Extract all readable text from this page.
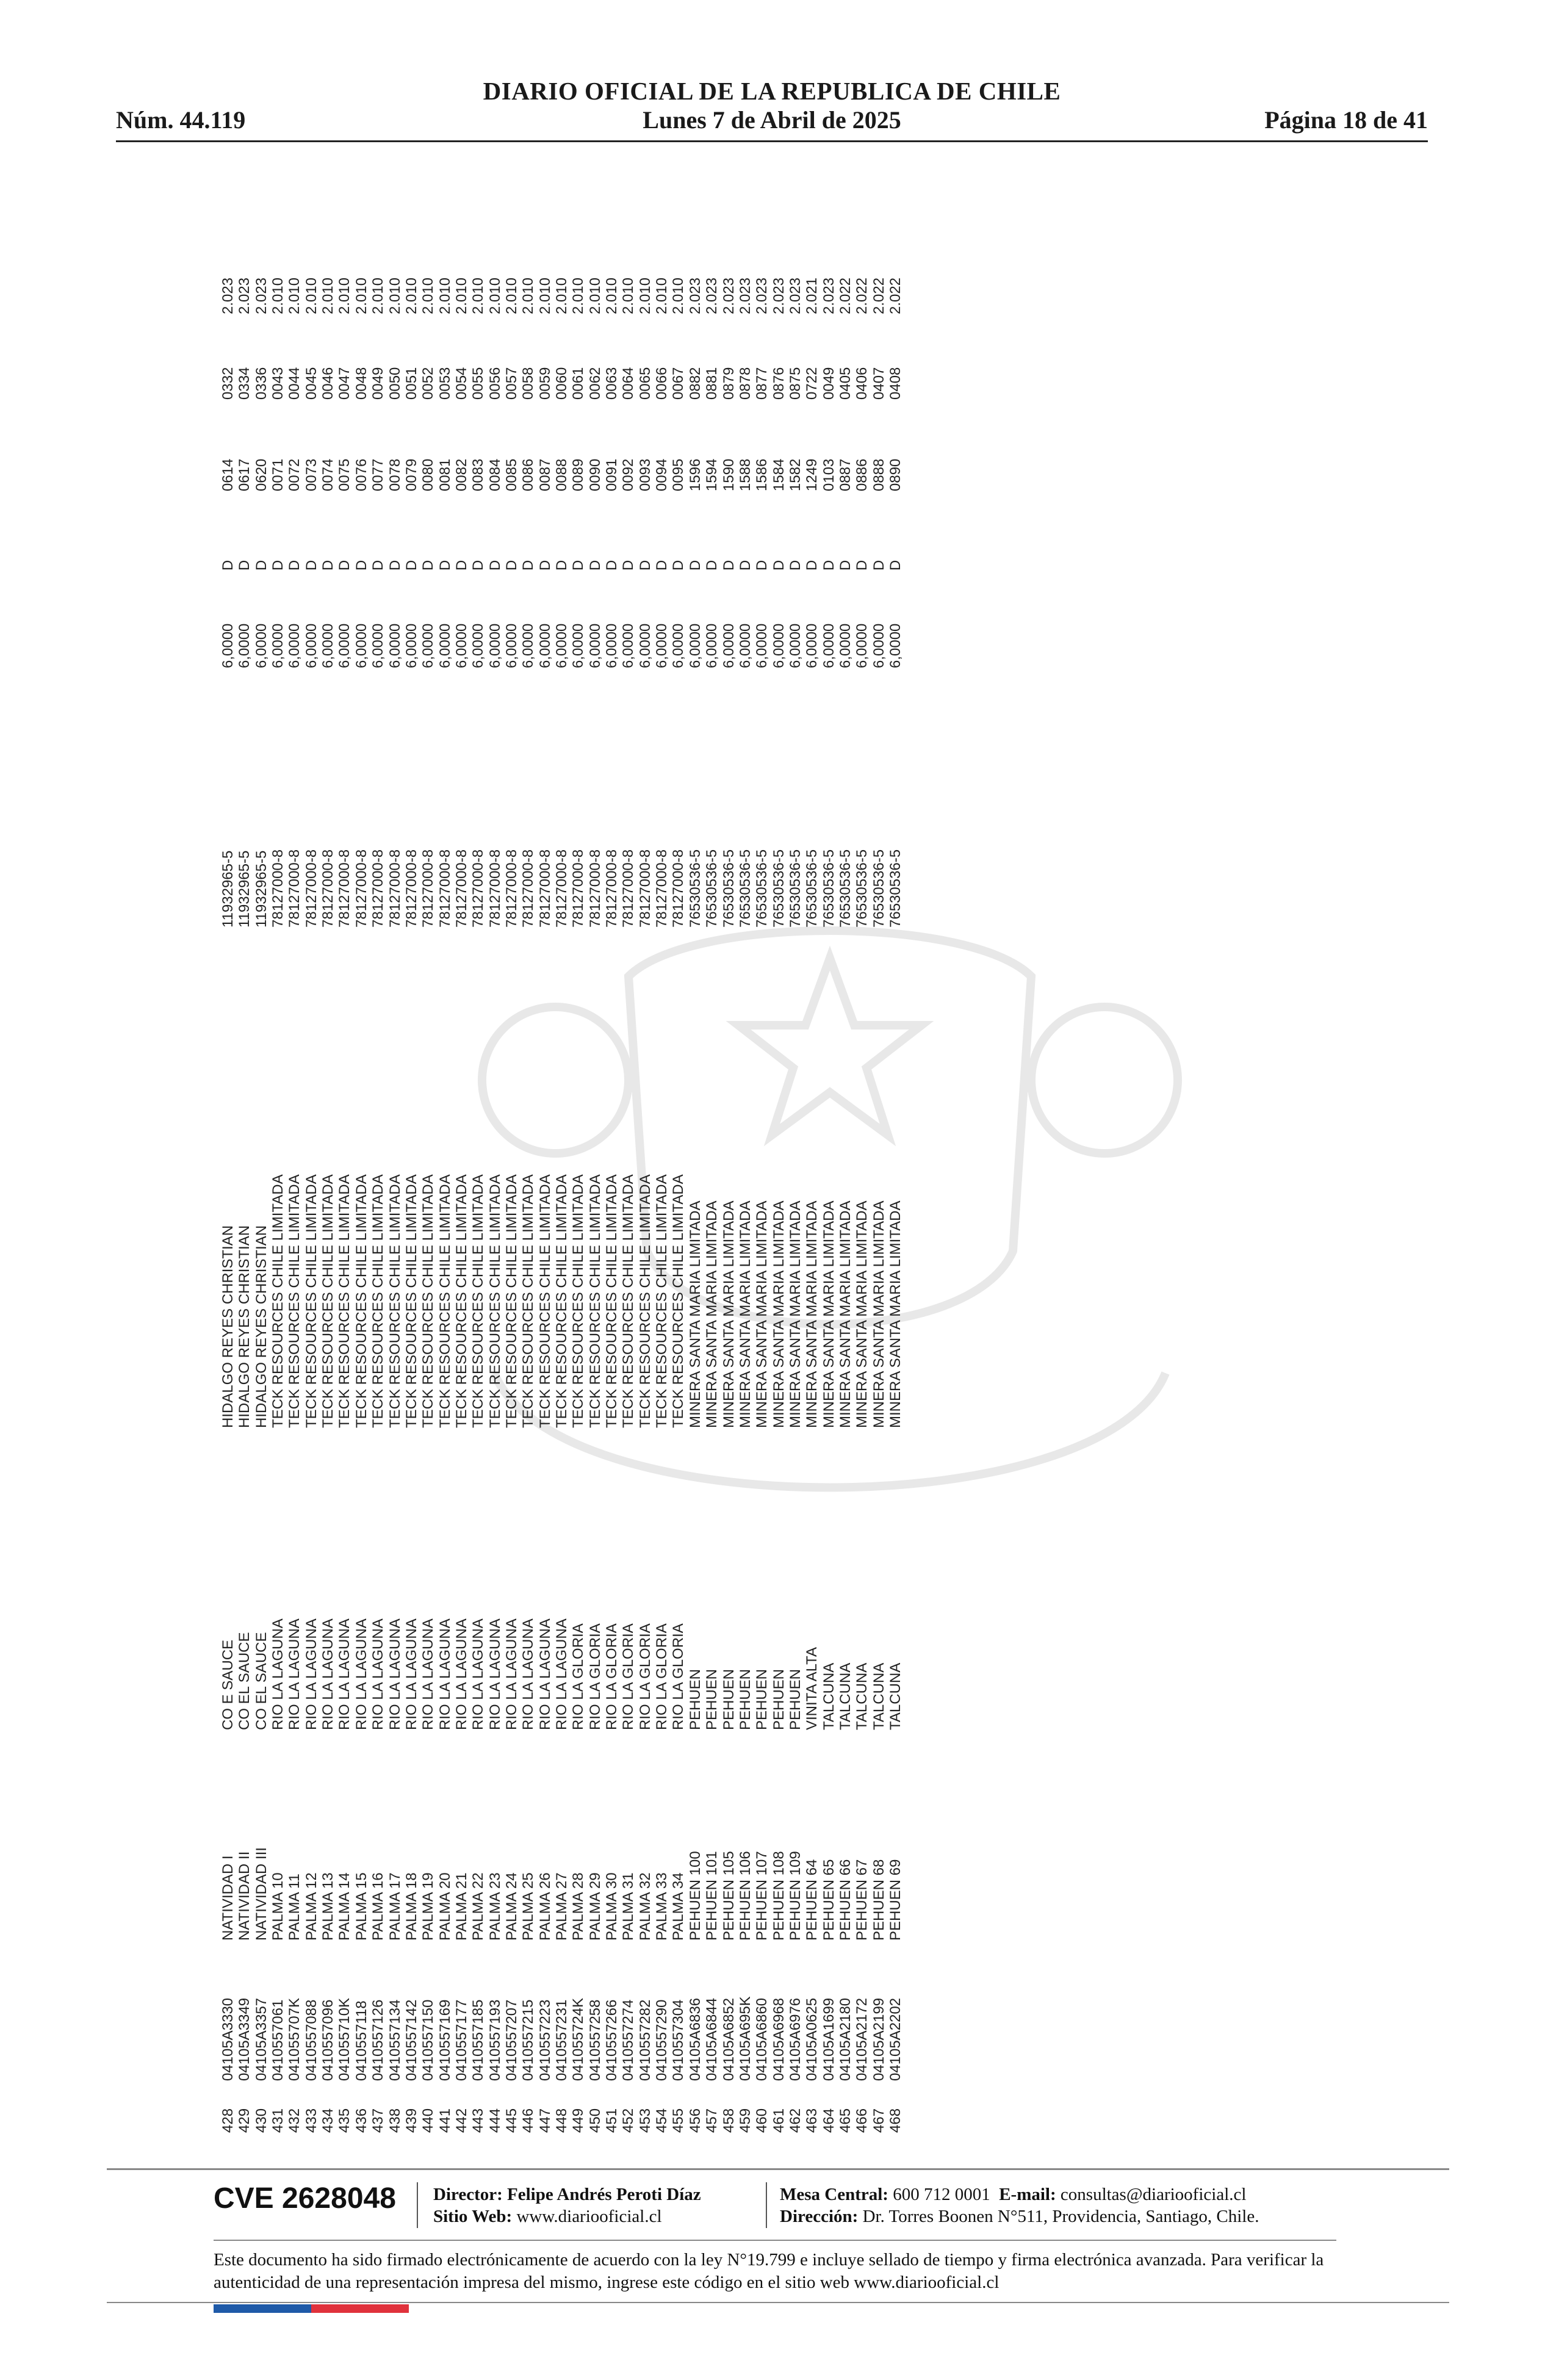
DIARIO OFICIAL DE LA REPUBLICA DE CHILE
Núm. 44.119	Lunes 7 de Abril de 2025	Página 18 de 41
428
04105A3330
NATIVIDAD I
CO E SAUCE
HIDALGO REYES CHRISTIAN
11932965-5
6,0000
D
0614
0332
2.023
429
04105A3349
NATIVIDAD II
CO EL SAUCE
HIDALGO REYES CHRISTIAN
11932965-5
6,0000
D
0617
0334
2.023
430
04105A3357
NATIVIDAD III
CO EL SAUCE
HIDALGO REYES CHRISTIAN
11932965-5
6,0000
D
0620
0336
2.023
431
0410557061
PALMA 10
RIO LA LAGUNA
TECK RESOURCES CHILE LIMITADA
78127000-8
6,0000
D
0071
0043
2.010
432
041055707K
PALMA 11
RIO LA LAGUNA
TECK RESOURCES CHILE LIMITADA
78127000-8
6,0000
D
0072
0044
2.010
433
0410557088
PALMA 12
RIO LA LAGUNA
TECK RESOURCES CHILE LIMITADA
78127000-8
6,0000
D
0073
0045
2.010
434
0410557096
PALMA 13
RIO LA LAGUNA
TECK RESOURCES CHILE LIMITADA
78127000-8
6,0000
D
0074
0046
2.010
435
041055710K
PALMA 14
RIO LA LAGUNA
TECK RESOURCES CHILE LIMITADA
78127000-8
6,0000
D
0075
0047
2.010
436
0410557118
PALMA 15
RIO LA LAGUNA
TECK RESOURCES CHILE LIMITADA
78127000-8
6,0000
D
0076
0048
2.010
437
0410557126
PALMA 16
RIO LA LAGUNA
TECK RESOURCES CHILE LIMITADA
78127000-8
6,0000
D
0077
0049
2.010
438
0410557134
PALMA 17
RIO LA LAGUNA
TECK RESOURCES CHILE LIMITADA
78127000-8
6,0000
D
0078
0050
2.010
439
0410557142
PALMA 18
RIO LA LAGUNA
TECK RESOURCES CHILE LIMITADA
78127000-8
6,0000
D
0079
0051
2.010
440
0410557150
PALMA 19
RIO LA LAGUNA
TECK RESOURCES CHILE LIMITADA
78127000-8
6,0000
D
0080
0052
2.010
441
0410557169
PALMA 20
RIO LA LAGUNA
TECK RESOURCES CHILE LIMITADA
78127000-8
6,0000
D
0081
0053
2.010
442
0410557177
PALMA 21
RIO LA LAGUNA
TECK RESOURCES CHILE LIMITADA
78127000-8
6,0000
D
0082
0054
2.010
443
0410557185
PALMA 22
RIO LA LAGUNA
TECK RESOURCES CHILE LIMITADA
78127000-8
6,0000
D
0083
0055
2.010
444
0410557193
PALMA 23
RIO LA LAGUNA
TECK RESOURCES CHILE LIMITADA
78127000-8
6,0000
D
0084
0056
2.010
445
0410557207
PALMA 24
RIO LA LAGUNA
TECK RESOURCES CHILE LIMITADA
78127000-8
6,0000
D
0085
0057
2.010
446
0410557215
PALMA 25
RIO LA LAGUNA
TECK RESOURCES CHILE LIMITADA
78127000-8
6,0000
D
0086
0058
2.010
447
0410557223
PALMA 26
RIO LA LAGUNA
TECK RESOURCES CHILE LIMITADA
78127000-8
6,0000
D
0087
0059
2.010
448
0410557231
PALMA 27
RIO LA LAGUNA
TECK RESOURCES CHILE LIMITADA
78127000-8
6,0000
D
0088
0060
2.010
449
041055724K
PALMA 28
RIO LA GLORIA
TECK RESOURCES CHILE LIMITADA
78127000-8
6,0000
D
0089
0061
2.010
450
0410557258
PALMA 29
RIO LA GLORIA
TECK RESOURCES CHILE LIMITADA
78127000-8
6,0000
D
0090
0062
2.010
451
0410557266
PALMA 30
RIO LA GLORIA
TECK RESOURCES CHILE LIMITADA
78127000-8
6,0000
D
0091
0063
2.010
452
0410557274
PALMA 31
RIO LA GLORIA
TECK RESOURCES CHILE LIMITADA
78127000-8
6,0000
D
0092
0064
2.010
453
0410557282
PALMA 32
RIO LA GLORIA
TECK RESOURCES CHILE LIMITADA
78127000-8
6,0000
D
0093
0065
2.010
454
0410557290
PALMA 33
RIO LA GLORIA
TECK RESOURCES CHILE LIMITADA
78127000-8
6,0000
D
0094
0066
2.010
455
0410557304
PALMA 34
RIO LA GLORIA
TECK RESOURCES CHILE LIMITADA
78127000-8
6,0000
D
0095
0067
2.010
456
04105A6836
PEHUEN 100
PEHUEN
MINERA SANTA MARIA LIMITADA
76530536-5
6,0000
D
1596
0882
2.023
457
04105A6844
PEHUEN 101
PEHUEN
MINERA SANTA MARIA LIMITADA
76530536-5
6,0000
D
1594
0881
2.023
458
04105A6852
PEHUEN 105
PEHUEN
MINERA SANTA MARIA LIMITADA
76530536-5
6,0000
D
1590
0879
2.023
459
04105A695K
PEHUEN 106
PEHUEN
MINERA SANTA MARIA LIMITADA
76530536-5
6,0000
D
1588
0878
2.023
460
04105A6860
PEHUEN 107
PEHUEN
MINERA SANTA MARIA LIMITADA
76530536-5
6,0000
D
1586
0877
2.023
461
04105A6968
PEHUEN 108
PEHUEN
MINERA SANTA MARIA LIMITADA
76530536-5
6,0000
D
1584
0876
2.023
462
04105A6976
PEHUEN 109
PEHUEN
MINERA SANTA MARIA LIMITADA
76530536-5
6,0000
D
1582
0875
2.023
463
04105A0625
PEHUEN 64
VINITA ALTA
MINERA SANTA MARIA LIMITADA
76530536-5
6,0000
D
1249
0722
2.021
464
04105A1699
PEHUEN 65
TALCUNA
MINERA SANTA MARIA LIMITADA
76530536-5
6,0000
D
0103
0049
2.023
465
04105A2180
PEHUEN 66
TALCUNA
MINERA SANTA MARIA LIMITADA
76530536-5
6,0000
D
0887
0405
2.022
466
04105A2172
PEHUEN 67
TALCUNA
MINERA SANTA MARIA LIMITADA
76530536-5
6,0000
D
0886
0406
2.022
467
04105A2199
PEHUEN 68
TALCUNA
MINERA SANTA MARIA LIMITADA
76530536-5
6,0000
D
0888
0407
2.022
468
04105A2202
PEHUEN 69
TALCUNA
MINERA SANTA MARIA LIMITADA
76530536-5
6,0000
D
0890
0408
2.022
CVE 2628048 Director: Felipe Andrés Peroti Díaz
Sitio Web: www.diariooficial.cl
Mesa Central: 600 712 0001 E-mail: consultas@diariooficial.cl
Dirección: Dr. Torres Boonen N°511, Providencia, Santiago, Chile.
Este documento ha sido firmado electrónicamente de acuerdo con la ley N°19.799 e incluye sellado de tiempo y firma electrónica avanzada. Para verificar la autenticidad de una representación impresa del mismo, ingrese este código en el sitio web www.diariooficial.cl
